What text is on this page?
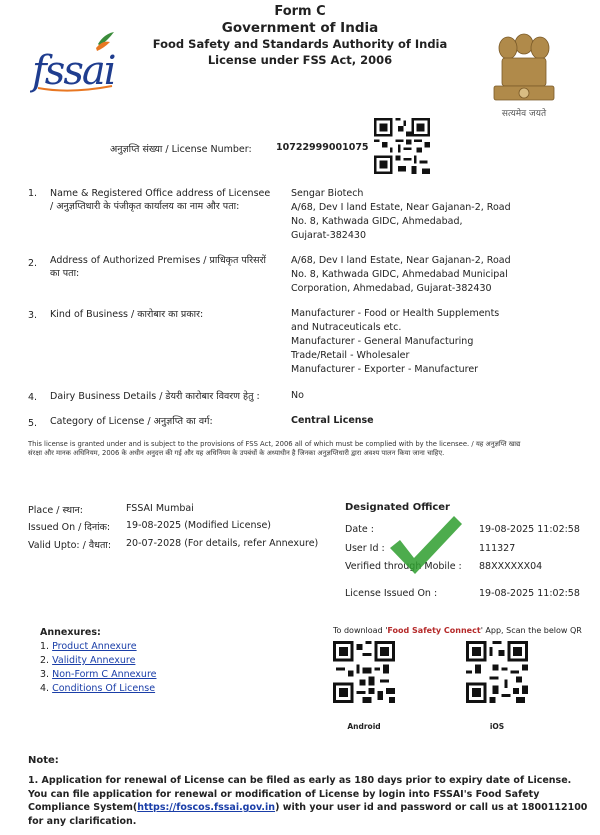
Form C
Government of India
Food Safety and Standards Authority of India
License under FSS Act, 2006
fssai
सत्यमेव जयते
अनुज्ञप्ति संख्या / License Number:	10722999001075
1. Name & Registered Office address of Licensee / अनुज्ञप्तिधारी के पंजीकृत कार्यालय का नाम और पता:
Sengar Biotech
A/68, Dev I land Estate, Near Gajanan-2, Road
No. 8, Kathwada GIDC, Ahmedabad,
Gujarat-382430
2. Address of Authorized Premises / प्राधिकृत परिसरों का पता:
A/68, Dev I land Estate, Near Gajanan-2, Road
No. 8, Kathwada GIDC, Ahmedabad Municipal
Corporation, Ahmedabad, Gujarat-382430
3. Kind of Business / कारोबार का प्रकार:	Manufacturer - Food or Health Supplements
and Nutraceuticals etc.
Manufacturer - General Manufacturing
Trade/Retail - Wholesaler
Manufacturer - Exporter - Manufacturer
4. Dairy Business Details / डेयरी कारोबार विवरण हेतु :	No
5. Category of License / अनुज्ञप्ति का वर्ग:	Central License
This license is granted under and is subject to the provisions of FSS Act, 2006 all of which must be complied with by the licensee. / यह अनुज्ञप्ति खाद्य संरक्षा और मानक अधिनियम, 2006 के अधीन अनुदत्त की गई और यह अधिनियम के उपबंधों के अध्याधीन है जिनका अनुज्ञप्तिधारी द्वारा अवश्य पालन किया जाना चाहिए.
Place / स्थान:	FSSAI Mumbai
Issued On / दिनांक: 19-08-2025 (Modified License)
Valid Upto: / वैधता: 20-07-2028 (For details, refer Annexure)
Designated Officer
Date :	19-08-2025 11:02:58
User Id :	111327
Verified through Mobile : 88XXXXXX04
License Issued On :	19-08-2025 11:02:58
Annexures:
1. Product Annexure
2. Validity Annexure
3. Non-Form C Annexure
4. Conditions Of License
To download 'Food Safety Connect' App, Scan the below QR
Android	iOS
Note:
1. Application for renewal of License can be filed as early as 180 days prior to expiry date of License. You can file application for renewal or modification of License by login into FSSAI's Food Safety Compliance System(https://foscos.fssai.gov.in) with your user id and password or call us at 1800112100 for any clarification.
